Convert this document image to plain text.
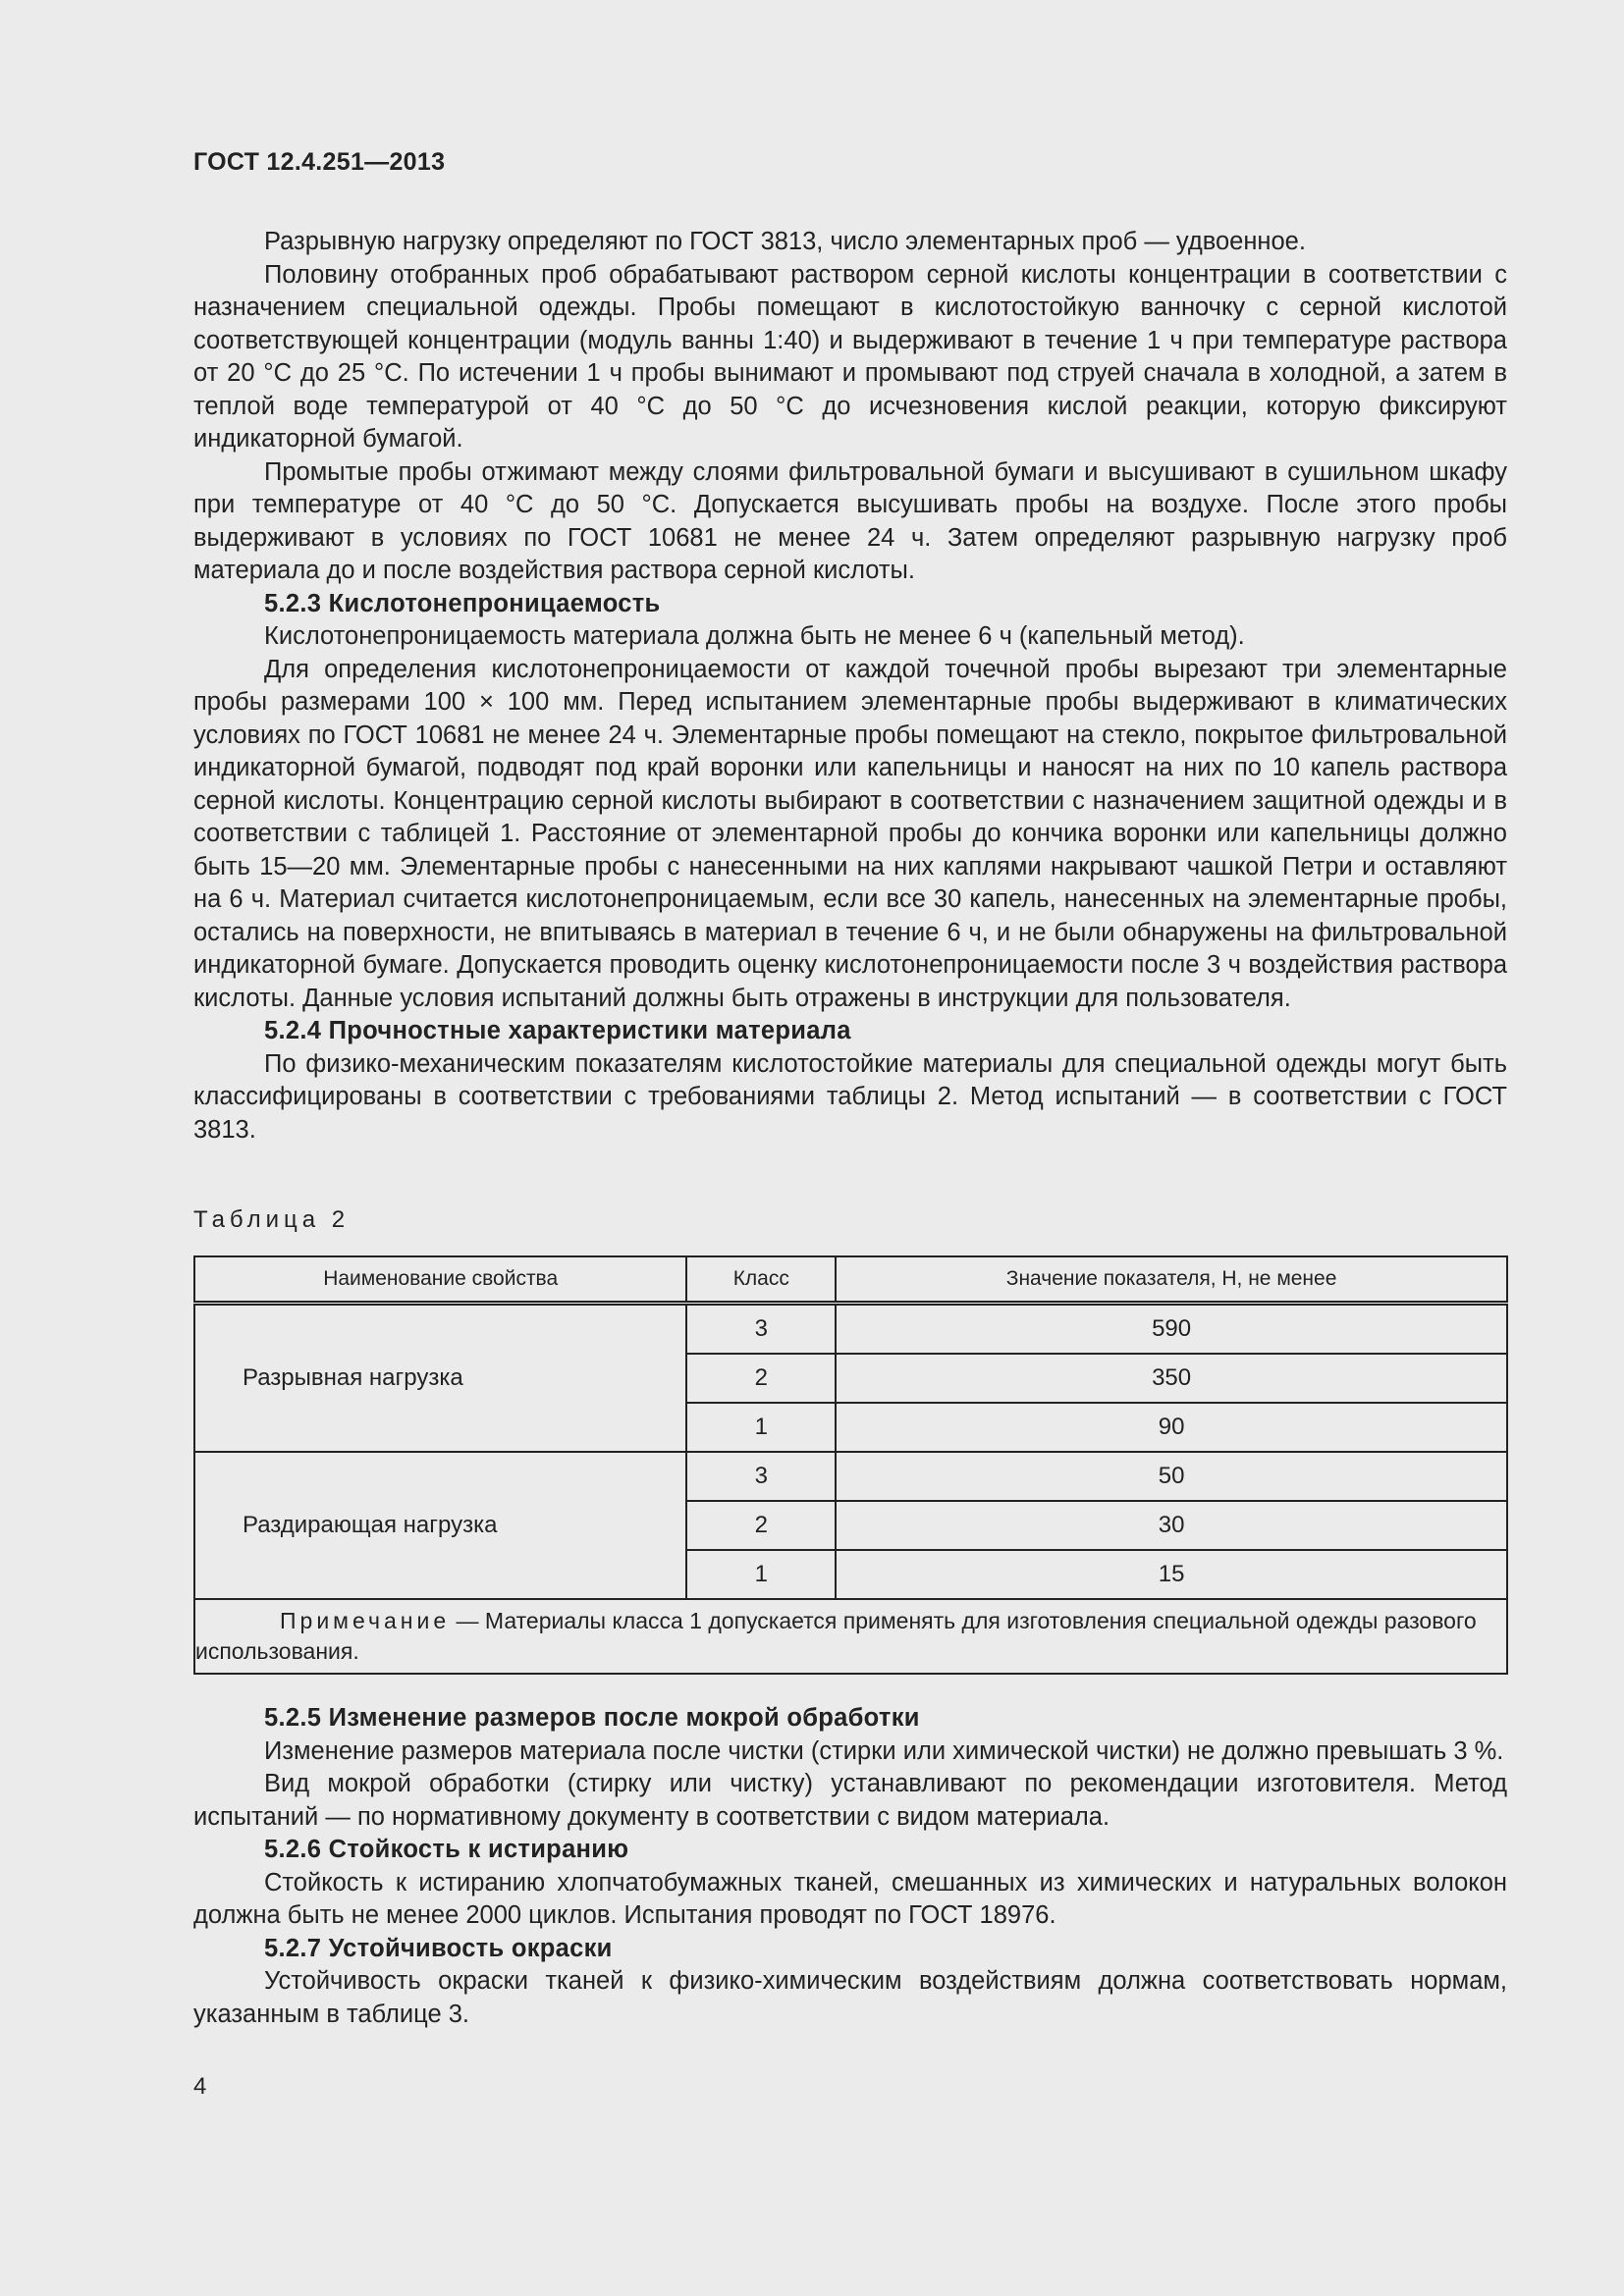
ГОСТ 12.4.251—2013

Разрывную нагрузку определяют по ГОСТ 3813, число элементарных проб — удвоенное.

Половину отобранных проб обрабатывают раствором серной кислоты концентрации в соответствии с назначением специальной одежды. Пробы помещают в кислотостойкую ванночку с серной кислотой соответствующей концентрации (модуль ванны 1:40) и выдерживают в течение 1 ч при температуре раствора от 20 °С до 25 °С. По истечении 1 ч пробы вынимают и промывают под струей сначала в холодной, а затем в теплой воде температурой от 40 °С до 50 °С до исчезновения кислой реакции, которую фиксируют индикаторной бумагой.

Промытые пробы отжимают между слоями фильтровальной бумаги и высушивают в сушильном шкафу при температуре от 40 °С до 50 °С. Допускается высушивать пробы на воздухе. После этого пробы выдерживают в условиях по ГОСТ 10681 не менее 24 ч. Затем определяют разрывную нагрузку проб материала до и после воздействия раствора серной кислоты.

5.2.3 Кислотонепроницаемость

Кислотонепроницаемость материала должна быть не менее 6 ч (капельный метод).

Для определения кислотонепроницаемости от каждой точечной пробы вырезают три элементарные пробы размерами 100 × 100 мм. Перед испытанием элементарные пробы выдерживают в климатических условиях по ГОСТ 10681 не менее 24 ч. Элементарные пробы помещают на стекло, покрытое фильтровальной индикаторной бумагой, подводят под край воронки или капельницы и наносят на них по 10 капель раствора серной кислоты. Концентрацию серной кислоты выбирают в соответствии с назначением защитной одежды и в соответствии с таблицей 1. Расстояние от элементарной пробы до кончика воронки или капельницы должно быть 15—20 мм. Элементарные пробы с нанесенными на них каплями накрывают чашкой Петри и оставляют на 6 ч. Материал считается кислотонепроницаемым, если все 30 капель, нанесенных на элементарные пробы, остались на поверхности, не впитываясь в материал в течение 6 ч, и не были обнаружены на фильтровальной индикаторной бумаге. Допускается проводить оценку кислотонепроницаемости после 3 ч воздействия раствора кислоты. Данные условия испытаний должны быть отражены в инструкции для пользователя.

5.2.4 Прочностные характеристики материала

По физико-механическим показателям кислотостойкие материалы для специальной одежды могут быть классифицированы в соответствии с требованиями таблицы 2. Метод испытаний — в соответствии с ГОСТ 3813.

Таблица 2
Наименование свойства	Класс	Значение показателя, Н, не менее
Разрывная нагрузка	3	590
	2	350
	1	90
Раздирающая нагрузка	3	50
	2	30
	1	15
Примечание — Материалы класса 1 допускается применять для изготовления специальной одежды разового использования.		

5.2.5 Изменение размеров после мокрой обработки

Изменение размеров материала после чистки (стирки или химической чистки) не должно превышать 3 %.

Вид мокрой обработки (стирку или чистку) устанавливают по рекомендации изготовителя. Метод испытаний — по нормативному документу в соответствии с видом материала.

5.2.6 Стойкость к истиранию

Стойкость к истиранию хлопчатобумажных тканей, смешанных из химических и натуральных волокон должна быть не менее 2000 циклов. Испытания проводят по ГОСТ 18976.

5.2.7 Устойчивость окраски

Устойчивость окраски тканей к физико-химическим воздействиям должна соответствовать нормам, указанным в таблице 3.

4
